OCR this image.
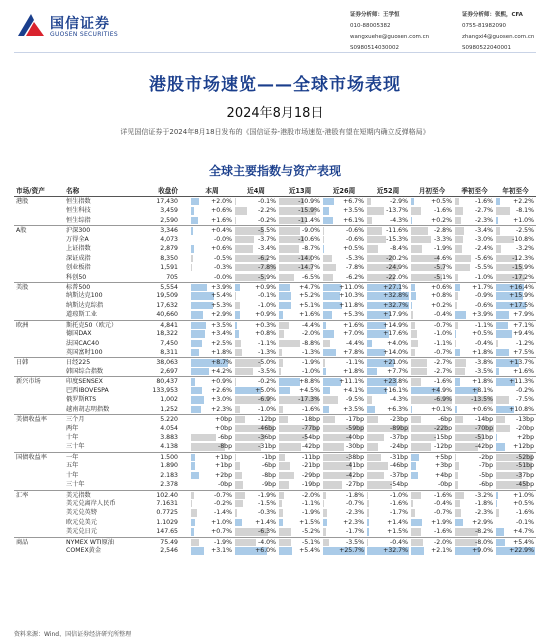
国信证券
GUOSEN SECURITIES
证券分析师：王学恒
010-88005382
wangxuehe@guosen.com.cn
S0980514030002
证券分析师：张熙，CFA
0755-81982090
zhangxi4@guosen.com.cn
S0980522040001
港股市场速览——全球市场表现
2024年8月18日
详见国信证券于2024年8月18日发布的《国信证券-港股市场速览-港股有望在短期内确立反弹格局》
全球主要指数与资产表现
市场/资产	名称	收盘价	本周	近4周	近13周	近26周	近52周	月初至今	季初至今	年初至今
港股	恒生指数	17,430	+2.0%	-0.1%	-10.9%	+6.7%	-2.9%	+0.5%	-1.6%	+2.2%
恒生科技	3,459	+0.6%	-2.2%	-15.9%	+3.5%	-13.7%	-1.6%	-2.7%	-8.1%
恒生综指	2,590	+1.6%	-0.2%	-11.4%	+6.1%	-4.3%	+0.2%	-2.3%	+1.0%
A股	沪深300	3,346	+0.4%	-5.5%	-9.0%	-0.6%	-11.6%	-2.8%	-3.4%	-2.5%
万得全A	4,073	-0.0%	-3.7%	-10.6%	-0.6%	-15.3%	-3.3%	-3.0%	-10.8%
上证指数	2,879	+0.6%	-3.4%	-8.7%	+0.5%	-8.4%	-1.9%	-2.4%	-3.2%
深证成指	8,350	-0.5%	-6.2%	-14.0%	-5.3%	-20.2%	-4.6%	-5.6%	-12.3%
创业板指	1,591	-0.3%	-7.8%	-14.7%	-7.8%	-24.9%	-5.7%	-5.5%	-15.9%
科创50	705	-0.0%	-5.9%	-6.5%	-6.2%	-22.0%	-5.1%	-1.0%	-17.2%
美股	标普500	5,554	+3.9%	+0.9%	+4.7%	+11.0%	+27.1%	+0.6%	+1.7%	+16.4%
纳斯达克100	19,509	+5.4%	-0.1%	+5.2%	+10.3%	+32.8%	+0.8%	-0.9%	+15.9%
纳斯达克综指	17,632	+5.3%	-1.0%	+5.1%	+11.8%	+32.7%	+0.2%	-0.6%	+17.5%
道琼斯工业	40,660	+2.9%	+0.9%	+1.6%	+5.3%	+17.9%	-0.4%	+3.9%	+7.9%
欧洲	斯托克50（欧元）	4,841	+3.5%	+0.3%	-4.4%	+1.6%	+14.9%	-0.7%	-1.1%	+7.1%
德国DAX	18,322	+3.4%	+0.8%	-2.0%	+7.0%	+17.6%	-1.0%	+0.5%	+9.4%
法国CAC40	7,450	+2.5%	-1.1%	-8.8%	-4.4%	+4.0%	-1.1%	-0.4%	-1.2%
英国富时100	8,311	+1.8%	-1.3%	-1.3%	+7.8%	+14.0%	-0.7%	+1.8%	+7.5%
日韩	日经225	38,063	+8.7%	-5.0%	-1.9%	-1.1%	+21.0%	-2.7%	-3.8%	+13.7%
韩国综合指数	2,697	+4.2%	-3.5%	-1.0%	+1.8%	+7.7%	-2.7%	-3.5%	+1.6%
新兴市场	印度SENSEX	80,437	+0.9%	-0.2%	+8.8%	+11.1%	+23.8%	-1.6%	+1.8%	+11.3%
巴西IBOVESPA	133,953	+2.6%	+5.0%	+4.5%	+4.1%	+16.1%	+4.9%	+8.1%	-0.2%
俄罗斯RTS	1,002	+3.0%	-6.9%	-17.3%	-9.5%	-4.3%	-6.9%	-13.5%	-7.5%
越南胡志明指数	1,252	+2.3%	-1.0%	-1.6%	+3.5%	+6.3%	+0.1%	+0.6%	+10.8%
美债收益率	三个月	5.220	+0bp	-12bp	-18bp	-17bp	-23bp	-6bp	-14bp	-13bp
两年	4.054	+0bp	-46bp	-77bp	-59bp	-89bp	-22bp	-70bp	-20bp
十年	3.883	-6bp	-36bp	-54bp	-40bp	-37bp	-15bp	-51bp	+2bp
三十年	4.138	-8bp	-31bp	-42bp	-30bp	-24bp	-12bp	-42bp	+12bp
国债收益率	一年	1.500	+1bp	-1bp	-11bp	-38bp	-31bp	+5bp	-2bp	-52bp
五年	1.890	+1bp	-6bp	-21bp	-41bp	-46bp	+3bp	-7bp	-51bp
十年	2.183	+2bp	-8bp	-29bp	-42bp	-37bp	+4bp	-5bp	-37bp
三十年	2.378	-0bp	-9bp	-19bp	-27bp	-54bp	-0bp	-6bp	-45bp
汇率	美元指数	102.40	-0.7%	-1.9%	-2.0%	-1.8%	-1.0%	-1.6%	-3.2%	+1.0%
美元兑离岸人民币	7.1631	-0.2%	-1.5%	-1.1%	-0.7%	-1.6%	-0.4%	-1.8%	+0.5%
美元兑英镑	0.7725	-1.4%	-0.3%	-1.9%	-2.3%	-1.7%	-0.7%	-2.3%	-1.6%
欧元兑美元	1.1029	+1.0%	+1.4%	+1.5%	+2.3%	+1.4%	+1.9%	+2.9%	-0.1%
美元兑日元	147.65	+0.7%	-6.3%	-5.2%	-1.7%	+1.5%	-1.6%	-8.2%	+4.7%
商品	NYMEX WTI原油	75.49	-1.9%	-4.0%	-5.1%	-3.5%	-0.4%	-2.0%	-8.0%	+5.4%
COMEX黄金	2,546	+3.1%	+6.0%	+5.4%	+25.7%	+32.7%	+2.1%	+9.0%	+22.9%
资料来源：Wind、国信证券经济研究所整理
